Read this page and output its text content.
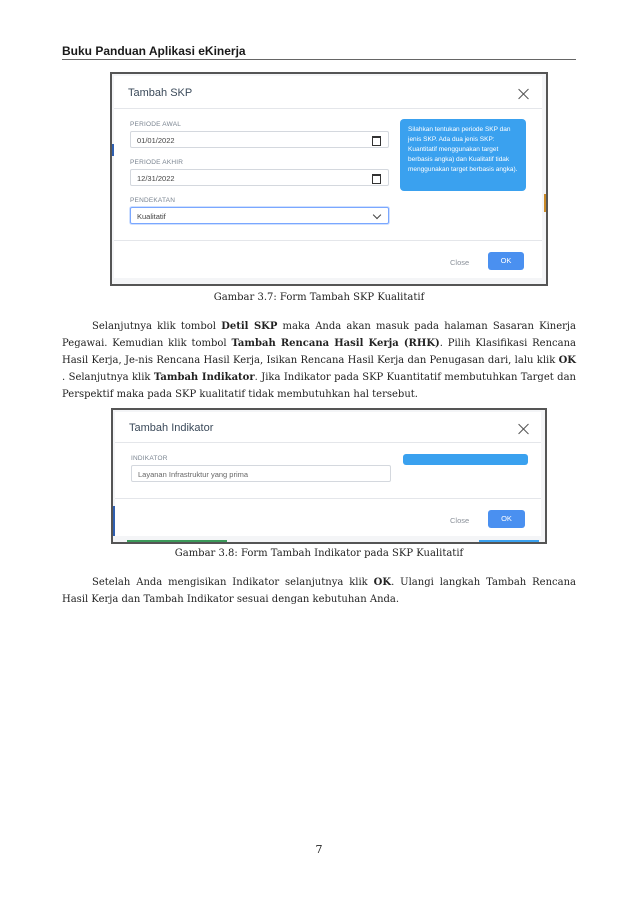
Buku Panduan Aplikasi eKinerja
Tambah SKP
PERIODE AWAL
01/01/2022
PERIODE AKHIR
12/31/2022
PENDEKATAN
Kualitatif
Silahkan tentukan periode SKP dan jenis SKP. Ada dua jenis SKP: Kuantitatif menggunakan target berbasis angka) dan Kualitatif tidak menggunakan target berbasis angka).
Close	OK
Gambar 3.7: Form Tambah SKP Kualitatif

Selanjutnya klik tombol Detil SKP maka Anda akan masuk pada halaman Sasaran Kinerja Pegawai. Kemudian klik tombol Tambah Rencana Hasil Kerja (RHK). Pilih Klasifikasi Rencana Hasil Kerja, Je-nis Rencana Hasil Kerja, Isikan Rencana Hasil Kerja dan Penugasan dari, lalu klik OK . Selanjutnya klik Tambah Indikator. Jika Indikator pada SKP Kuantitatif membutuhkan Target dan Perspektif maka pada SKP kualitatif tidak membutuhkan hal tersebut.

Tambah Indikator
INDIKATOR
Layanan Infrastruktur yang prima
Close	OK
Gambar 3.8: Form Tambah Indikator pada SKP Kualitatif

Setelah Anda mengisikan Indikator selanjutnya klik OK. Ulangi langkah Tambah Rencana Hasil Kerja dan Tambah Indikator sesuai dengan kebutuhan Anda.

7
